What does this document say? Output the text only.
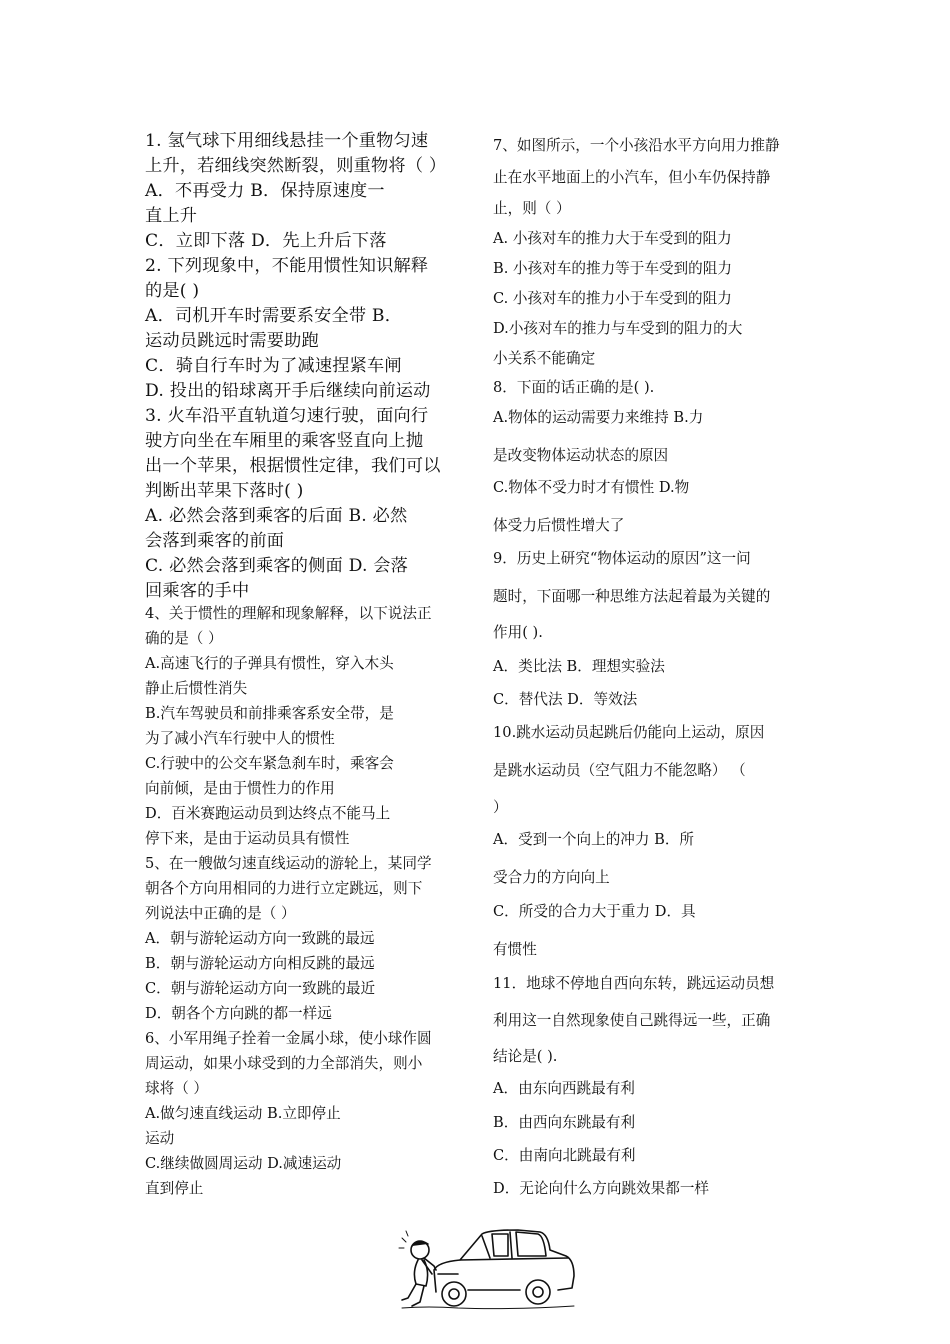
1. 氢气球下用细线悬挂一个重物匀速
上升，若细线突然断裂，则重物将（ ）
A．不再受力 B．保持原速度一
直上升
C．立即下落 D．先上升后下落
2. 下列现象中，不能用惯性知识解释
的是( )
A．司机开车时需要系安全带 B．
运动员跳远时需要助跑
C．骑自行车时为了减速捏紧车闸
D. 投出的铅球离开手后继续向前运动
3. 火车沿平直轨道匀速行驶，面向行
驶方向坐在车厢里的乘客竖直向上抛
出一个苹果，根据惯性定律，我们可以
判断出苹果下落时( )
A. 必然会落到乘客的后面 B. 必然
会落到乘客的前面
C. 必然会落到乘客的侧面 D. 会落
回乘客的手中
4、关于惯性的理解和现象解释，以下说法正
确的是（ ）
A.高速飞行的子弹具有惯性，穿入木头
静止后惯性消失
B.汽车驾驶员和前排乘客系安全带，是
为了减小汽车行驶中人的惯性
C.行驶中的公交车紧急刹车时，乘客会
向前倾，是由于惯性力的作用
D．百米赛跑运动员到达终点不能马上
停下来，是由于运动员具有惯性
5、在一艘做匀速直线运动的游轮上，某同学
朝各个方向用相同的力进行立定跳远，则下
列说法中正确的是（ ）
A．朝与游轮运动方向一致跳的最远
B．朝与游轮运动方向相反跳的最远
C．朝与游轮运动方向一致跳的最近
D．朝各个方向跳的都一样远
6、小军用绳子拴着一金属小球，使小球作圆
周运动，如果小球受到的力全部消失，则小
球将（ ）
A.做匀速直线运动 B.立即停止
运动
C.继续做圆周运动 D.减速运动
直到停止
7、如图所示，一个小孩沿水平方向用力推静
止在水平地面上的小汽车，但小车仍保持静
止，则（ ）
A. 小孩对车的推力大于车受到的阻力
B. 小孩对车的推力等于车受到的阻力
C. 小孩对车的推力小于车受到的阻力
D.小孩对车的推力与车受到的阻力的大
小关系不能确定
8．下面的话正确的是( ).
A.物体的运动需要力来维持 B.力
是改变物体运动状态的原因
C.物体不受力时才有惯性 D.物
体受力后惯性增大了
9．历史上研究“物体运动的原因”这一问
题时，下面哪一种思维方法起着最为关键的
作用( ).
A．类比法 B．理想实验法
C．替代法 D．等效法
10.跳水运动员起跳后仍能向上运动，原因
是跳水运动员（空气阻力不能忽略） （
）
A．受到一个向上的冲力 B．所
受合力的方向向上
C．所受的合力大于重力 D．具
有惯性
11．地球不停地自西向东转，跳远运动员想
利用这一自然现象使自己跳得远一些，正确
结论是( ).
A．由东向西跳最有利
B．由西向东跳最有利
C．由南向北跳最有利
D．无论向什么方向跳效果都一样
